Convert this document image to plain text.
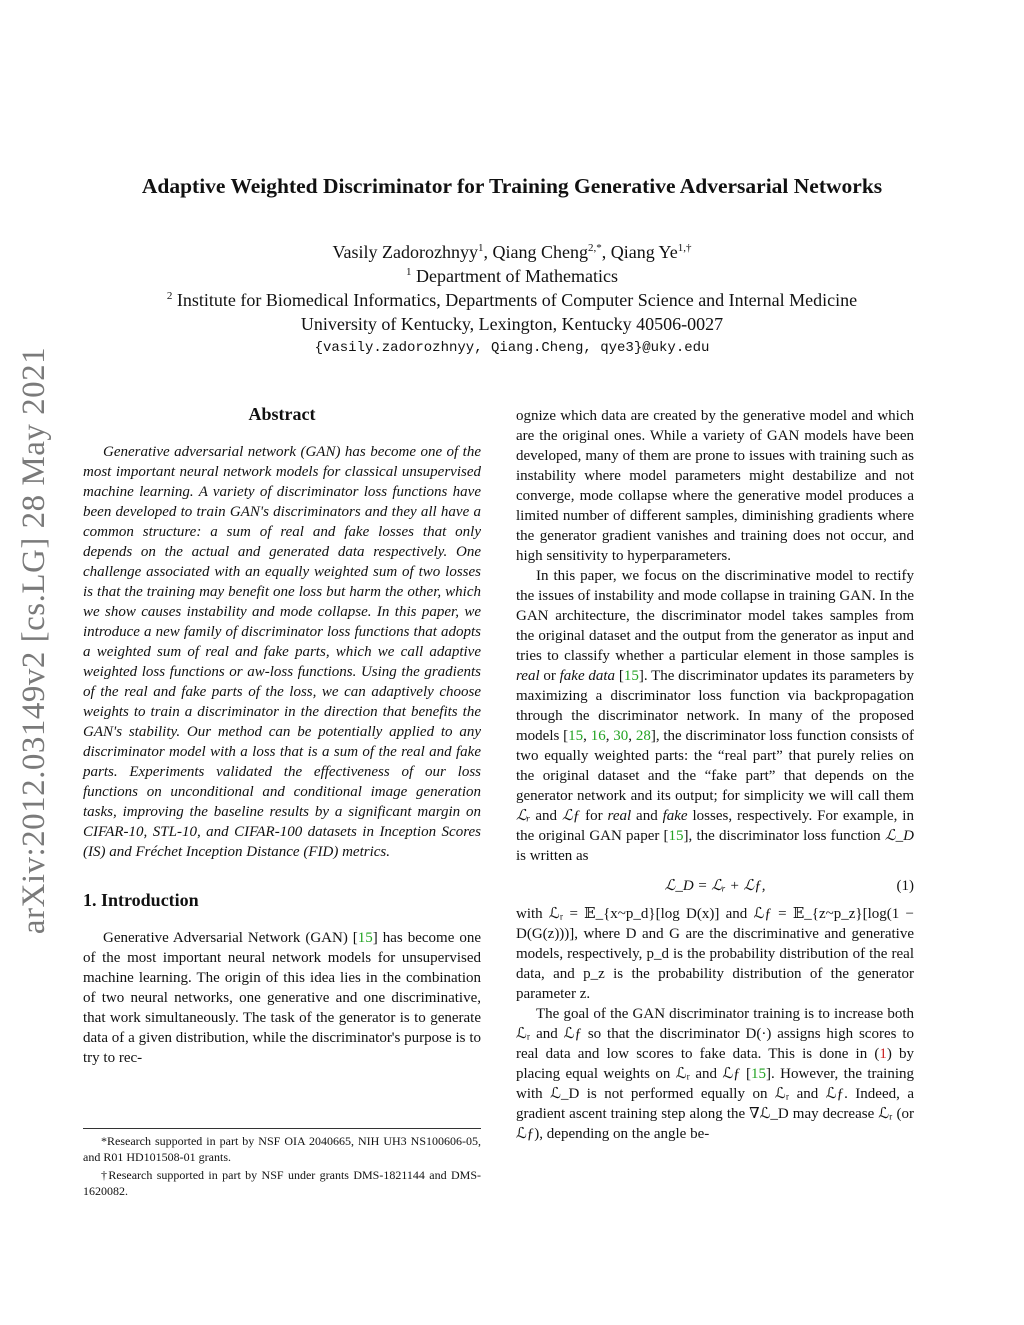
arXiv:2012.03149v2 [cs.LG] 28 May 2021
Adaptive Weighted Discriminator for Training Generative Adversarial Networks
Vasily Zadorozhnyy$^1$, Qiang Cheng$^{2,*}$, Qiang $Ye^{1,\dagger}$
$^1$ Department of Mathematics
$^2$ Institute for Biomedical Informatics, Departments of Computer Science and Internal Medicine
University of Kentucky, Lexington, Kentucky 40506-0027
{vasily.zadorozhnyy, Qiang.Cheng, qye3}@uky.edu
Abstract

Generative adversarial network (GAN) has become one of the most important neural network models for classical unsupervised machine learning. A variety of discriminator loss functions have been developed to train GAN's discriminators and they all have a common structure: a sum of real and fake losses that only depends on the actual and generated data respectively. One challenge associated with an equally weighted sum of two losses is that the training may benefit one loss but harm the other, which we show causes instability and mode collapse. In this paper, we introduce a new family of discriminator loss functions that adopts a weighted sum of real and fake parts, which we call adaptive weighted loss functions or aw-loss functions. Using the gradients of the real and fake parts of the loss, we can adaptively choose weights to train a discriminator in the direction that benefits the GAN's stability. Our method can be potentially applied to any discriminator model with a loss that is a sum of the real and fake parts. Experiments validated the effectiveness of our loss functions on unconditional and conditional image generation tasks, improving the baseline results by a significant margin on CIFAR-10, STL-10, and CIFAR-100 datasets in Inception Scores (IS) and Fréchet Inception Distance (FID) metrics.

1. Introduction

Generative Adversarial Network (GAN) [15] has become one of the most important neural network models for unsupervised machine learning. The origin of this idea lies in the combination of two neural networks, one generative and one discriminative, that work simultaneously. The task of the generator is to generate data of a given distribution, while the discriminator's purpose is to try to rec-

*Research supported in part by NSF OIA 2040665, NIH UH3 NS100606-05, and R01 HD101508-01 grants.

†Research supported in part by NSF under grants DMS-1821144 and DMS-1620082.

ognize which data are created by the generative model and which are the original ones. While a variety of GAN models have been developed, many of them are prone to issues with training such as instability where model parameters might destabilize and not converge, mode collapse where the generative model produces a limited number of different samples, diminishing gradients where the generator gradient vanishes and training does not occur, and high sensitivity to hyperparameters.

In this paper, we focus on the discriminative model to rectify the issues of instability and mode collapse in training GAN. In the GAN architecture, the discriminator model takes samples from the original dataset and the output from the generator as input and tries to classify whether a particular element in those samples is real or fake data [15]. The discriminator updates its parameters by maximizing a discriminator loss function via backpropagation through the discriminator network. In many of the proposed models [15, 16, 30, 28], the discriminator loss function consists of two equally weighted parts: the “real part” that purely relies on the original dataset and the “fake part” that depends on the generator network and its output; for simplicity we will call them ℒᵣ and ℒƒ for real and fake losses, respectively. For example, in the original GAN paper [15], the discriminator loss function ℒ_D is written as

ℒ_D = ℒᵣ + ℒƒ,	(1)

with ℒᵣ = 𝔼_{x~p_d}[log D(x)] and ℒƒ = 𝔼_{z~p_z}[log(1 − D(G(z)))], where D and G are the discriminative and generative models, respectively, p_d is the probability distribution of the real data, and p_z is the probability distribution of the generator parameter z.

The goal of the GAN discriminator training is to increase both ℒᵣ and ℒƒ so that the discriminator D(·) assigns high scores to real data and low scores to fake data. This is done in (1) by placing equal weights on ℒᵣ and ℒƒ [15]. However, the training with ℒ_D is not performed equally on ℒᵣ and ℒƒ. Indeed, a gradient ascent training step along the ∇ℒ_D may decrease ℒᵣ (or ℒƒ), depending on the angle be-
